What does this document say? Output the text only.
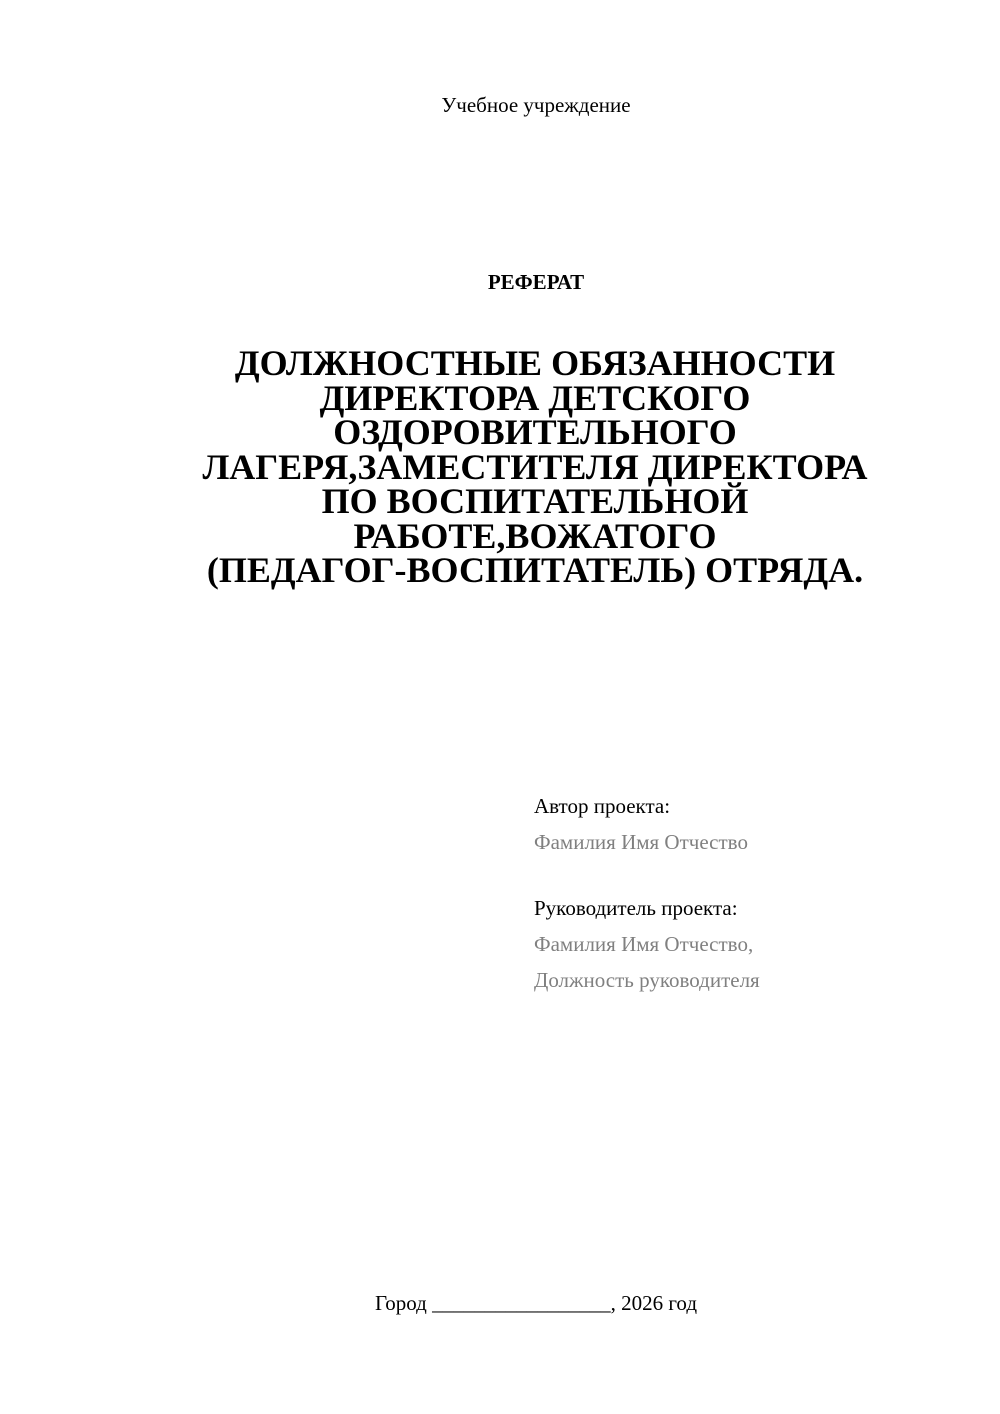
Учебное учреждение
РЕФЕРАТ
ДОЛЖНОСТНЫЕ ОБЯЗАННОСТИ
ДИРЕКТОРА ДЕТСКОГО
ОЗДОРОВИТЕЛЬНОГО
ЛАГЕРЯ,ЗАМЕСТИТЕЛЯ ДИРЕКТОРА
ПО ВОСПИТАТЕЛЬНОЙ
РАБОТЕ,ВОЖАТОГО
(ПЕДАГОГ-ВОСПИТАТЕЛЬ) ОТРЯДА.
Автор проекта:
Фамилия Имя Отчество
Руководитель проекта:
Фамилия Имя Отчество,
Должность руководителя
Город _________________, 2026 год
